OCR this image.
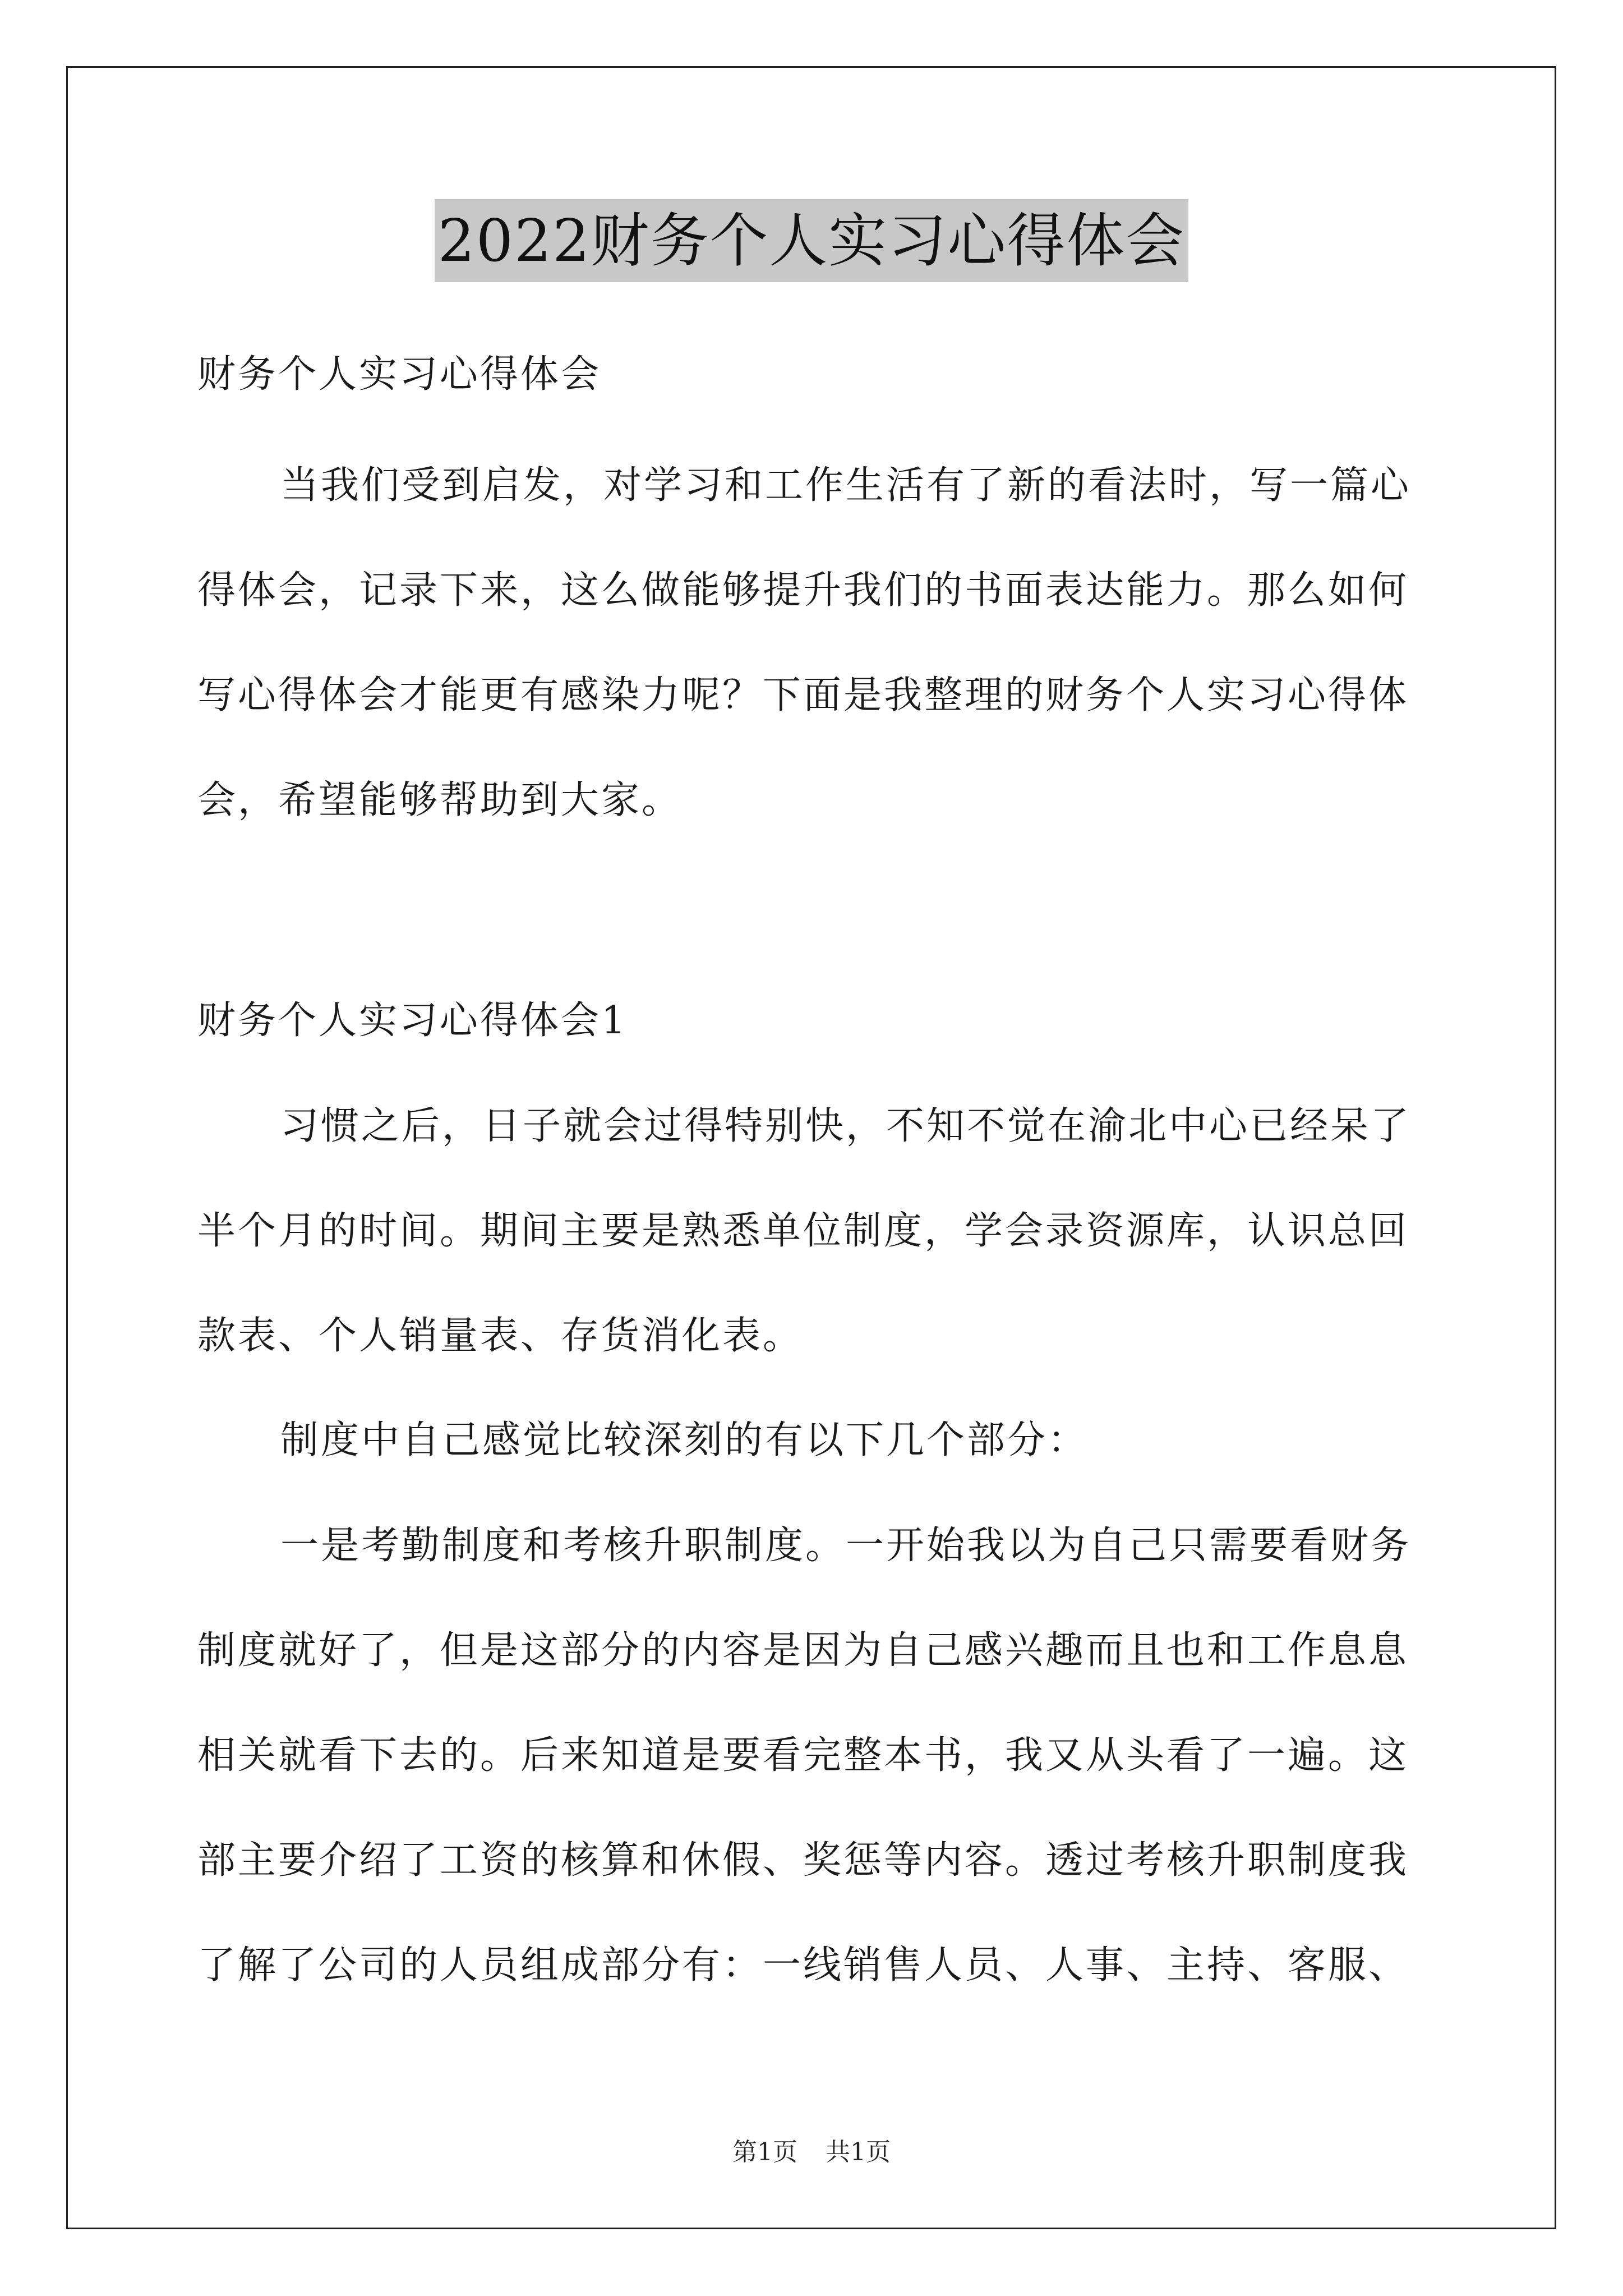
2022财务个人实习心得体会
财务个人实习心得体会
当我们受到启发，对学习和工作生活有了新的看法时，写一篇心
得体会，记录下来，这么做能够提升我们的书面表达能力。那么如何
写心得体会才能更有感染力呢？下面是我整理的财务个人实习心得体
会，希望能够帮助到大家。
财务个人实习心得体会1
习惯之后，日子就会过得特别快，不知不觉在渝北中心已经呆了
半个月的时间。期间主要是熟悉单位制度，学会录资源库，认识总回
款表、个人销量表、存货消化表。
制度中自己感觉比较深刻的有以下几个部分：
一是考勤制度和考核升职制度。一开始我以为自己只需要看财务
制度就好了，但是这部分的内容是因为自己感兴趣而且也和工作息息
相关就看下去的。后来知道是要看完整本书，我又从头看了一遍。这
部主要介绍了工资的核算和休假、奖惩等内容。透过考核升职制度我
了解了公司的人员组成部分有：一线销售人员、人事、主持、客服、
第1页 共1页
